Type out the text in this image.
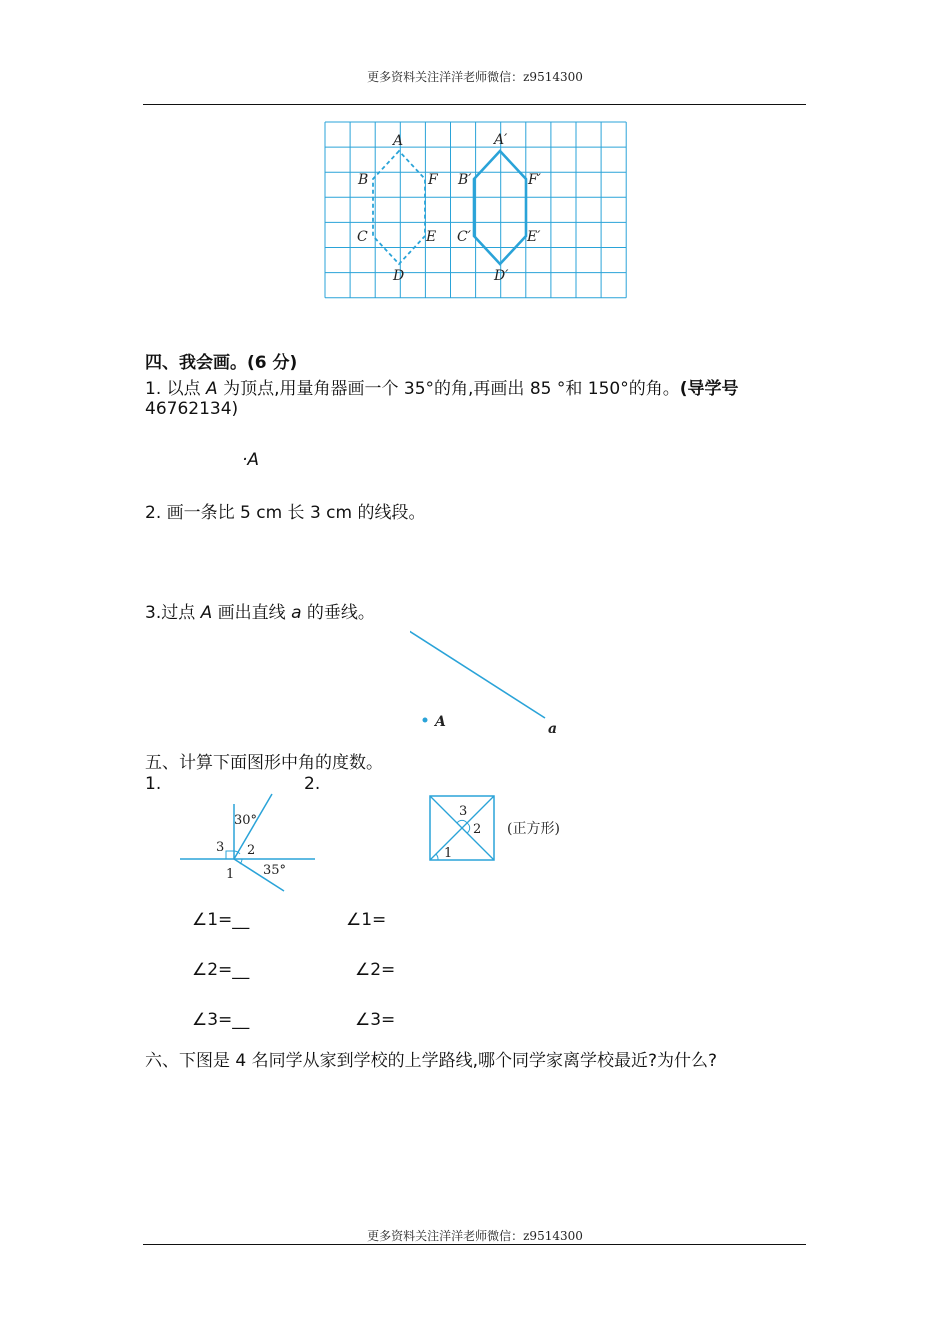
更多资料关注洋洋老师微信：z9514300
A
B	F
C	E
D
A′
B′	F′
C′	E′
D′
四、我会画。(6 分)
1. 以点 A 为顶点,用量角器画一个 35°的角,再画出 85 °和 150°的角。(导学号
46762134)
·A
2. 画一条比 5 cm 长 3 cm 的线段。
3.过点 A 画出直线 a 的垂线。
A	a
五、计算下面图形中角的度数。
1.	2.
30°
3 2
1 35°
3
2
1
(正方形)
∠1=__
∠2=__
∠3=__
∠1=
∠2=
∠3=
六、下图是 4 名同学从家到学校的上学路线,哪个同学家离学校最近?为什么?
更多资料关注洋洋老师微信：z9514300
